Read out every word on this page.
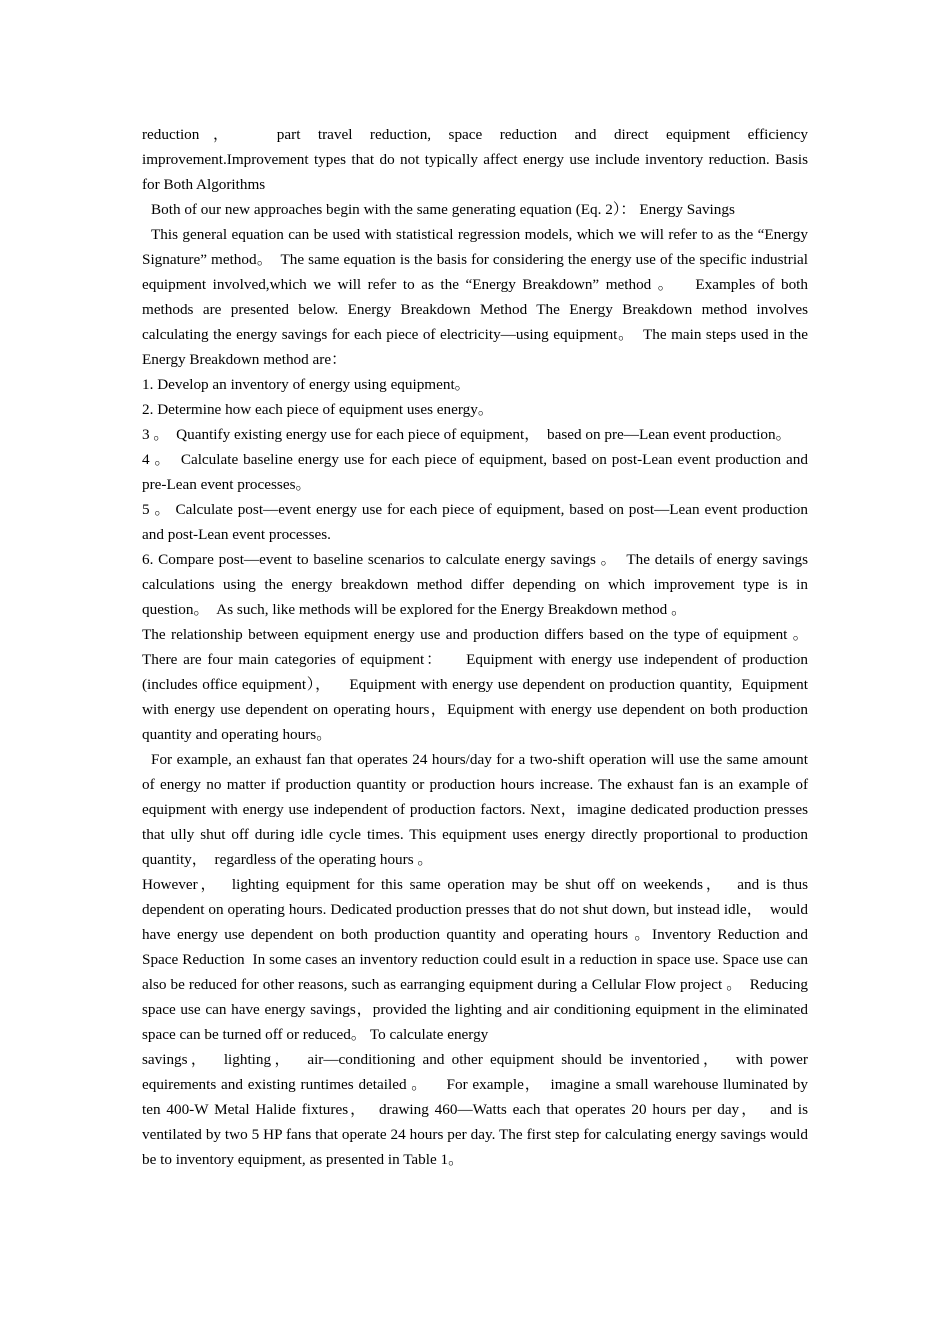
reduction，  part travel reduction, space reduction and direct equipment efficiency improvement.Improvement types that do not typically affect energy use include inventory reduction. Basis for Both Algorithms

Both of our new approaches begin with the same generating equation (Eq. 2）： Energy Savings

This general equation can be used with statistical regression models, which we will refer to as the “Energy Signature” method。  The same equation is the basis for considering the energy use of the specific industrial equipment involved,which we will refer to as the “Energy Breakdown” method 。   Examples of both methods are presented below. Energy Breakdown Method The Energy Breakdown method involves calculating the energy savings for each piece of electricity—using equipment。  The main steps used in the Energy Breakdown method are：

1. Develop an inventory of energy using equipment。

2. Determine how each piece of equipment uses energy。

3 。  Quantify existing energy use for each piece of equipment，  based on pre—Lean event production。

4 。  Calculate baseline energy use for each piece of equipment, based on post-Lean event production and pre-Lean event processes。

5 。 Calculate post—event energy use for each piece of equipment, based on post—Lean event production and post-Lean event processes.

6. Compare post—event to baseline scenarios to calculate energy savings 。  The details of energy savings calculations using the energy breakdown method differ depending on which improvement type is in question。  As such, like methods will be explored for the Energy Breakdown method 。

The relationship between equipment energy use and production differs based on the type of equipment 。  There are four main categories of equipment：    Equipment with energy use independent of production (includes office equipment），    Equipment with energy use dependent on production quantity,  Equipment with energy use dependent on operating hours，Equipment with energy use dependent on both production quantity and operating hours。

For example, an exhaust fan that operates 24 hours/day for a two-shift operation will use the same amount of energy no matter if production quantity or production hours increase. The exhaust fan is an example of equipment with energy use independent of production factors. Next，imagine dedicated production presses that ully shut off during idle cycle times. This equipment uses energy directly proportional to production quantity，  regardless of the operating hours 。

However，  lighting equipment for this same operation may be shut off on weekends，  and is thus dependent on operating hours. Dedicated production presses that do not shut down, but instead idle，  would have energy use dependent on both production quantity and operating hours 。Inventory Reduction and Space Reduction  In some cases an inventory reduction could esult in a reduction in space use. Space use can also be reduced for other reasons, such as earranging equipment during a Cellular Flow project 。  Reducing space use can have energy savings，provided the lighting and air conditioning equipment in the eliminated space can be turned off or reduced。 To calculate energy

savings，  lighting，  air—conditioning and other equipment should be inventoried，  with power equirements and existing runtimes detailed 。    For example，  imagine a small warehouse lluminated by ten 400-W Metal Halide fixtures，  drawing 460—Watts each that operates 20 hours per day，  and is ventilated by two 5 HP fans that operate 24 hours per day. The first step for calculating energy savings would be to inventory equipment, as presented in Table 1。
